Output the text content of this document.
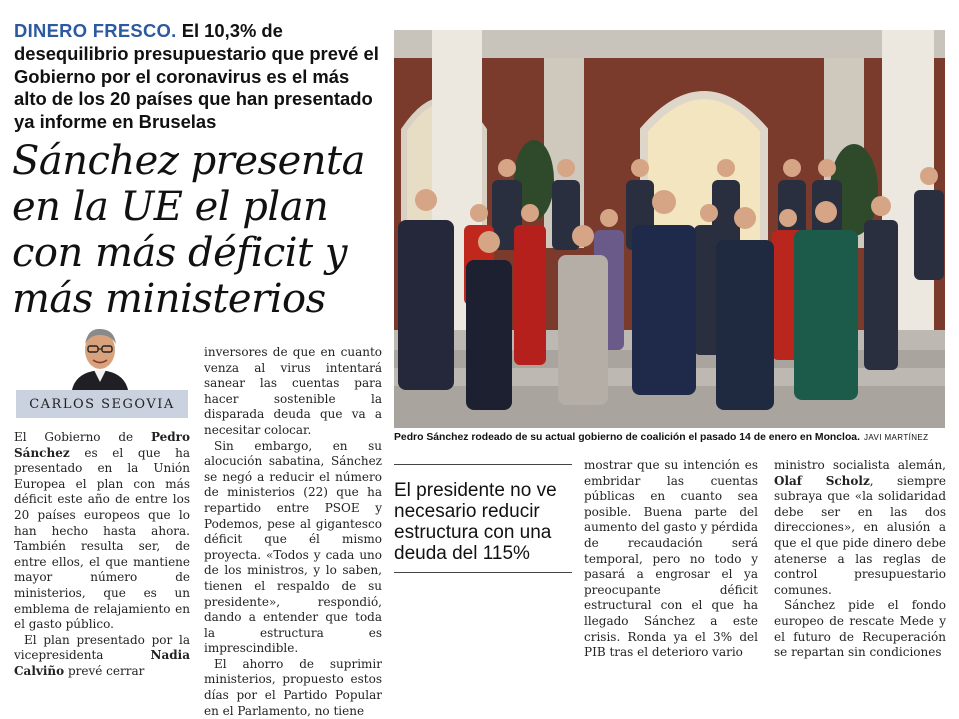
DINERO FRESCO. El 10,3% de desequilibrio presupuestario que prevé el Gobierno por el coronavirus es el más alto de los 20 países que han presentado ya informe en Bruselas
Sánchez presenta en la UE el plan con más déficit y más ministerios
CARLOS SEGOVIA

El Gobierno de Pedro Sánchez es el que ha presentado en la Unión Europea el plan con más déficit este año de entre los 20 países europeos que lo han hecho hasta ahora. También resulta ser, de entre ellos, el que mantiene mayor número de ministerios, que es un emblema de relajamiento en el gasto público.

El plan presentado por la vicepresidenta Nadia Calviño prevé cerrar

inversores de que en cuanto venza al virus intentará sanear las cuentas para hacer sostenible la disparada deuda que va a necesitar colocar.

Sin embargo, en su alocución sabatina, Sánchez se negó a reducir el número de ministerios (22) que ha repartido entre PSOE y Podemos, pese al gigantesco déficit que él mismo proyecta. «Todos y cada uno de los ministros, y lo saben, tienen el respaldo de su presidente», respondió, dando a entender que toda la estructura es imprescindible.

El ahorro de suprimir ministerios, propuesto estos días por el Partido Popular en el Parlamento, no tiene

Pedro Sánchez rodeado de su actual gobierno de coalición el pasado 14 de enero en Moncloa. JAVI MARTÍNEZ
El presidente no ve necesario reducir estructura con una deuda del 115%

mostrar que su intención es embridar las cuentas públicas en cuanto sea posible. Buena parte del aumento del gasto y pérdida de recaudación será temporal, pero no todo y pasará a engrosar el ya preocupante déficit estructural con el que ha llegado Sánchez a este crisis. Ronda ya el 3% del PIB tras el deterioro vario

ministro socialista alemán, Olaf Scholz, siempre subraya que «la solidaridad debe ser en las dos direcciones», en alusión a que el que pide dinero debe atenerse a las reglas de control presupuestario comunes.

Sánchez pide el fondo europeo de rescate Mede y el futuro de Recuperación se repartan sin condiciones
